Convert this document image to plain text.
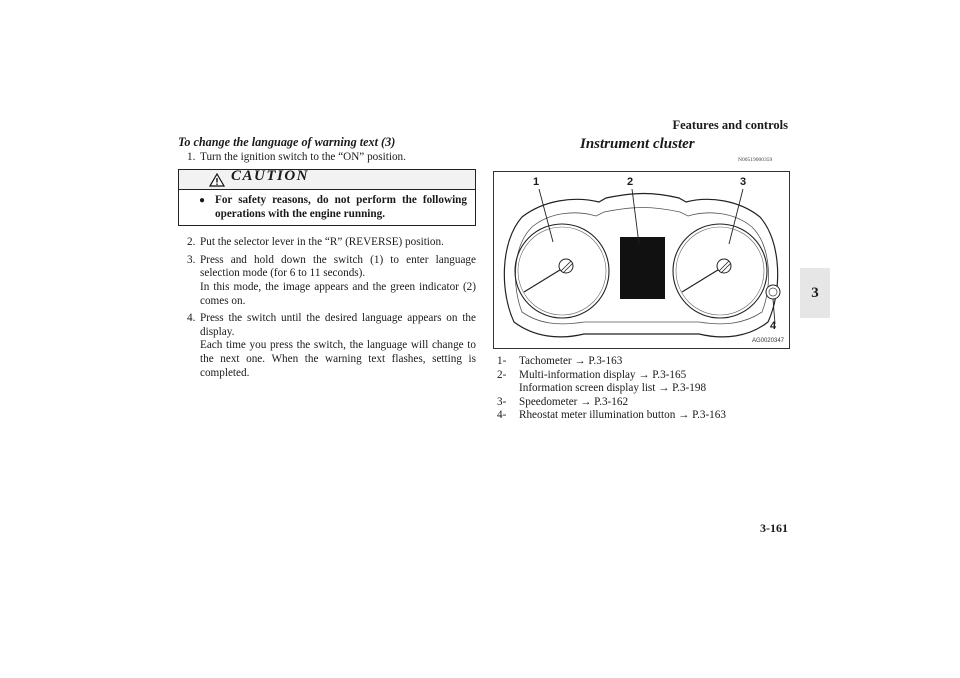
Features and controls
3
3-161
To change the language of warning text (3)
1. Turn the ignition switch to the “ON” position.
CAUTION
● For safety reasons, do not perform the following operations with the engine running.
2. Put the selector lever in the “R” (REVERSE) position.
3. Press and hold down the switch (1) to enter language selection mode (for 6 to 11 seconds).
In this mode, the image appears and the green indicator (2) comes on.
4. Press the switch until the desired language appears on the display.
Each time you press the switch, the language will change to the next one. When the warning text flashes, setting is completed.
Instrument cluster
N00519000359
1	2	3
4
AG0020347
1- Tachometer → P.3-163
2- Multi-information display → P.3-165
Information screen display list → P.3-198
3- Speedometer → P.3-162
4- Rheostat meter illumination button → P.3-163
